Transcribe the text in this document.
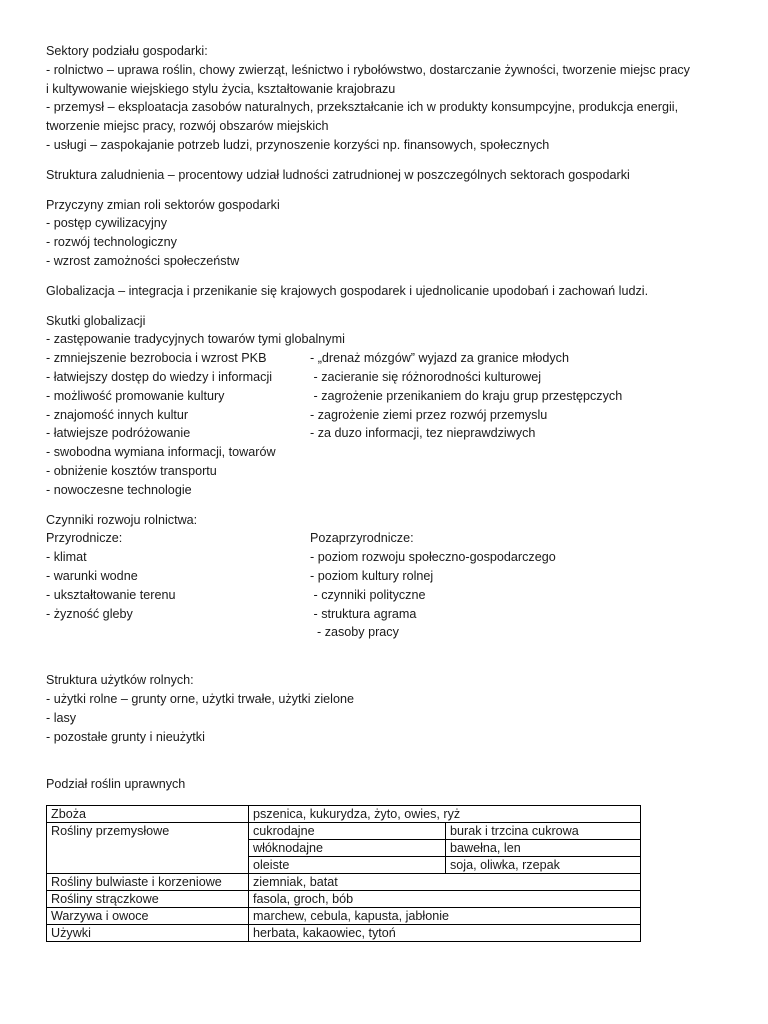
Sektory podziału gospodarki:
- rolnictwo – uprawa roślin, chowy zwierząt, leśnictwo i rybołówstwo, dostarczanie żywności, tworzenie miejsc pracy
i kultywowanie wiejskiego stylu życia, kształtowanie krajobrazu
- przemysł – eksploatacja zasobów naturalnych, przekształcanie ich w produkty konsumpcyjne, produkcja energii,
tworzenie miejsc pracy, rozwój obszarów miejskich
- usługi – zaspokajanie potrzeb ludzi, przynoszenie korzyści np. finansowych, społecznych
Struktura zaludnienia – procentowy udział ludności zatrudnionej w poszczególnych sektorach gospodarki
Przyczyny zmian roli sektorów gospodarki
- postęp cywilizacyjny
- rozwój technologiczny
- wzrost zamożności społeczeństw
Globalizacja – integracja i przenikanie się krajowych gospodarek i ujednolicanie upodobań i zachowań ludzi.
Skutki globalizacji
- zastępowanie tradycyjnych towarów tymi globalnymi
- zmniejszenie bezrobocia i wzrost PKB	- „drenaż mózgów” wyjazd za granice młodych
- łatwiejszy dostęp do wiedzy i informacji	- zacieranie się różnorodności kulturowej
- możliwość promowanie kultury	- zagrożenie przenikaniem do kraju grup przestępczych
- znajomość innych kultur	- zagrożenie ziemi przez rozwój przemyslu
- łatwiejsze podróżowanie	- za duzo informacji, tez nieprawdziwych
- swobodna wymiana informacji, towarów
- obniżenie kosztów transportu
- nowoczesne technologie
Czynniki rozwoju rolnictwa:
Przyrodnicze:	Pozaprzyrodnicze:
- klimat	- poziom rozwoju społeczno-gospodarczego
- warunki wodne	- poziom kultury rolnej
- ukształtowanie terenu	- czynniki polityczne
- żyzność gleby	- struktura agrama
- zasoby pracy
Struktura użytków rolnych:
- użytki rolne – grunty orne, użytki trwałe, użytki zielone
- lasy
- pozostałe grunty i nieużytki
Podział roślin uprawnych
Zboża	pszenica, kukurydza, żyto, owies, ryż	
Rośliny przemysłowe	cukrodajne	burak i trzcina cukrowa
	włóknodajne	bawełna, len
	oleiste	soja, oliwka, rzepak
Rośliny bulwiaste i korzeniowe	ziemniak, batat	
Rośliny strączkowe	fasola, groch, bób	
Warzywa i owoce	marchew, cebula, kapusta, jabłonie	
Używki	herbata, kakaowiec, tytoń	
